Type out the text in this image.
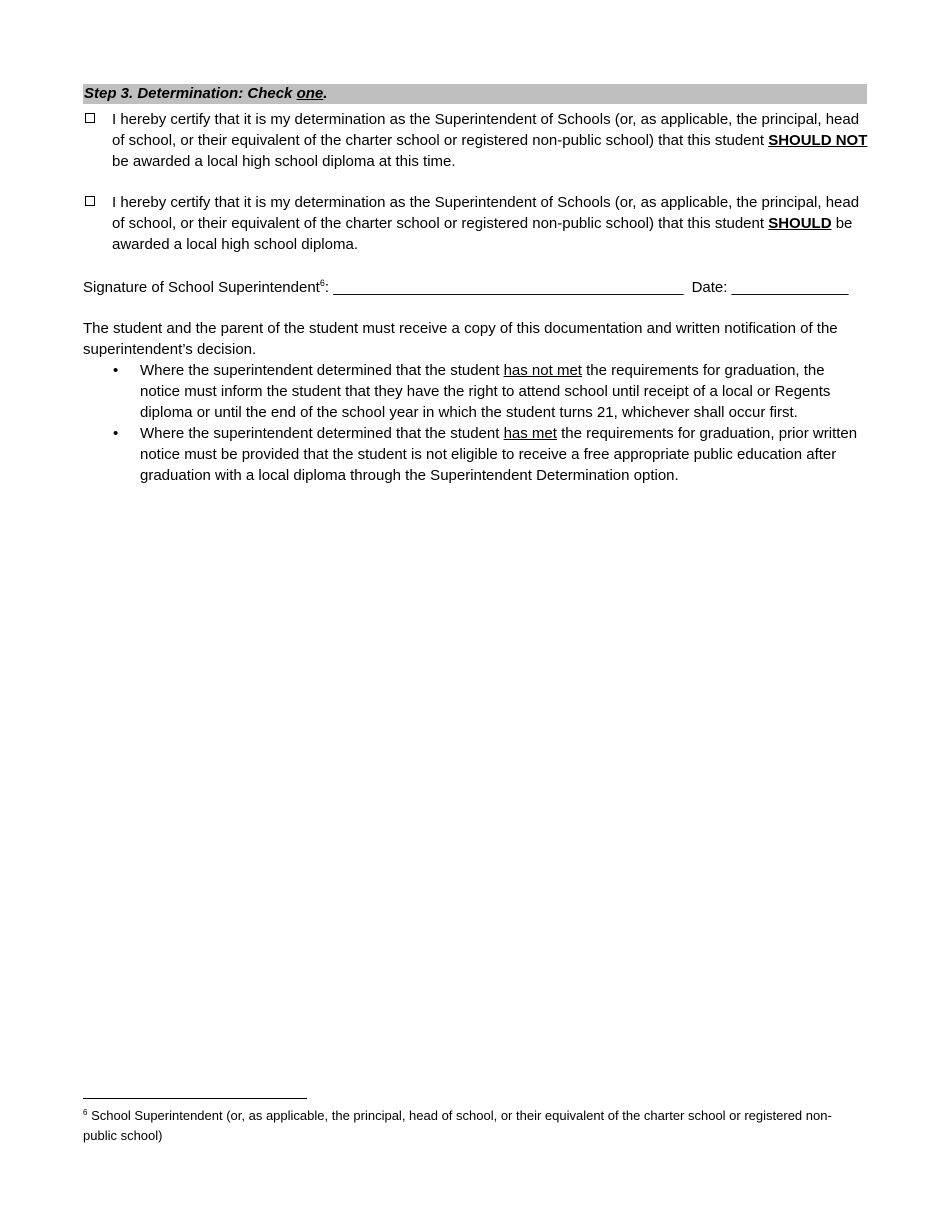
Step 3. Determination: Check one.
I hereby certify that it is my determination as the Superintendent of Schools (or, as applicable, the principal, head of school, or their equivalent of the charter school or registered non-public school) that this student SHOULD NOT be awarded a local high school diploma at this time.
I hereby certify that it is my determination as the Superintendent of Schools (or, as applicable, the principal, head of school, or their equivalent of the charter school or registered non-public school) that this student SHOULD be awarded a local high school diploma.
Signature of School Superintendent$^6$: __________________________________________ Date: ______________
The student and the parent of the student must receive a copy of this documentation and written notification of the superintendent’s decision.
• Where the superintendent determined that the student has not met the requirements for graduation, the notice must inform the student that they have the right to attend school until receipt of a local or Regents diploma or until the end of the school year in which the student turns 21, whichever shall occur first.
• Where the superintendent determined that the student has met the requirements for graduation, prior written notice must be provided that the student is not eligible to receive a free appropriate public education after graduation with a local diploma through the Superintendent Determination option.
$^6$ School Superintendent (or, as applicable, the principal, head of school, or their equivalent of the charter school or registered non-public school)
